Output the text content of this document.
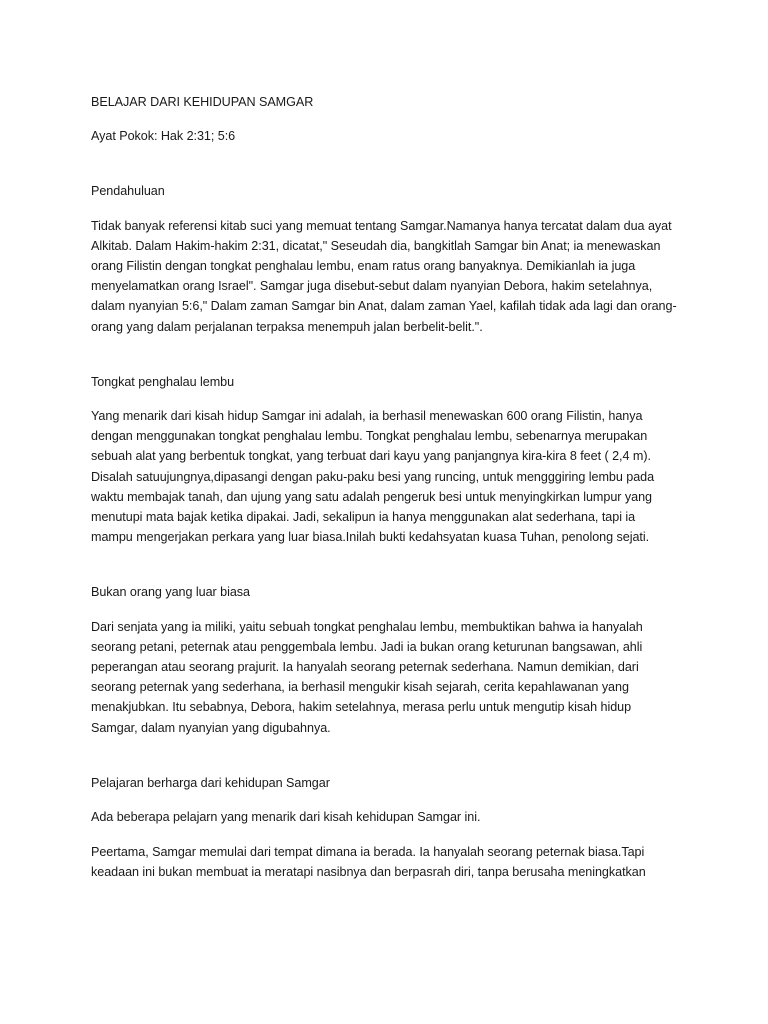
BELAJAR DARI KEHIDUPAN SAMGAR

Ayat Pokok: Hak 2:31; 5:6

Pendahuluan

Tidak banyak referensi kitab suci yang memuat tentang Samgar.Namanya hanya tercatat dalam dua ayat
Alkitab. Dalam Hakim-hakim 2:31, dicatat," Seseudah dia, bangkitlah Samgar bin Anat; ia menewaskan
orang Filistin dengan tongkat penghalau lembu, enam ratus orang banyaknya. Demikianlah ia juga
menyelamatkan orang Israel". Samgar juga disebut-sebut dalam nyanyian Debora, hakim setelahnya,
dalam nyanyian 5:6," Dalam zaman Samgar bin Anat, dalam zaman Yael, kafilah tidak ada lagi dan orang-
orang yang dalam perjalanan terpaksa menempuh jalan berbelit-belit.".

Tongkat penghalau lembu

Yang menarik dari kisah hidup Samgar ini adalah, ia berhasil menewaskan 600 orang Filistin, hanya
dengan menggunakan tongkat penghalau lembu. Tongkat penghalau lembu, sebenarnya merupakan
sebuah alat yang berbentuk tongkat, yang terbuat dari kayu yang panjangnya kira-kira 8 feet ( 2,4 m).
Disalah satuujungnya,dipasangi dengan paku-paku besi yang runcing, untuk mengggiring lembu pada
waktu membajak tanah, dan ujung yang satu adalah pengeruk besi untuk menyingkirkan lumpur yang
menutupi mata bajak ketika dipakai. Jadi, sekalipun ia hanya menggunakan alat sederhana, tapi ia
mampu mengerjakan perkara yang luar biasa.Inilah bukti kedahsyatan kuasa Tuhan, penolong sejati.

Bukan orang yang luar biasa

Dari senjata yang ia miliki, yaitu sebuah tongkat penghalau lembu, membuktikan bahwa ia hanyalah
seorang petani, peternak atau penggembala lembu. Jadi ia bukan orang keturunan bangsawan, ahli
peperangan atau seorang prajurit. Ia hanyalah seorang peternak sederhana. Namun demikian, dari
seorang peternak yang sederhana, ia berhasil mengukir kisah sejarah, cerita kepahlawanan yang
menakjubkan. Itu sebabnya, Debora, hakim setelahnya, merasa perlu untuk mengutip kisah hidup
Samgar, dalam nyanyian yang digubahnya.

Pelajaran berharga dari kehidupan Samgar

Ada beberapa pelajarn yang menarik dari kisah kehidupan Samgar ini.

Peertama, Samgar memulai dari tempat dimana ia berada. Ia hanyalah seorang peternak biasa.Tapi
keadaan ini bukan membuat ia meratapi nasibnya dan berpasrah diri, tanpa berusaha meningkatkan
